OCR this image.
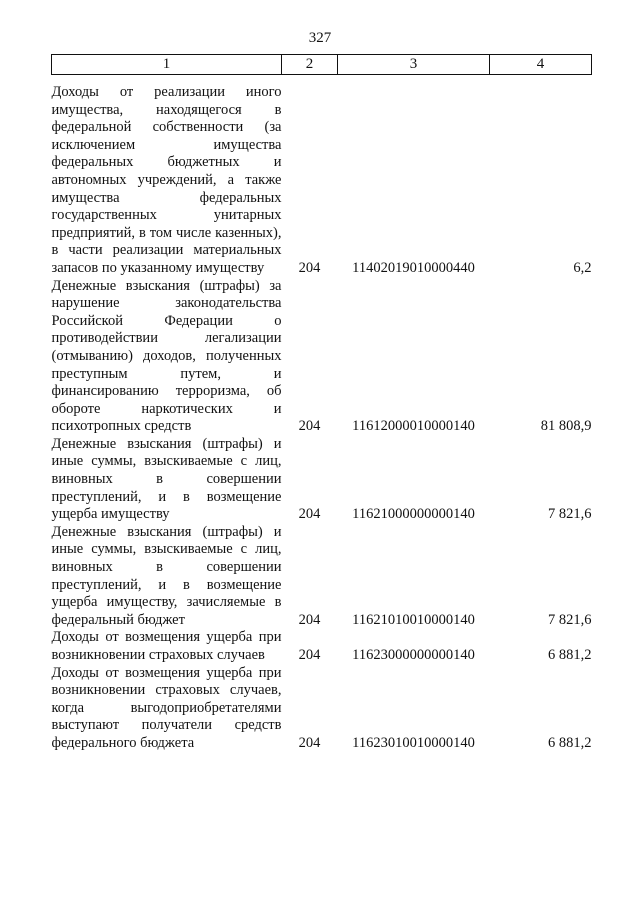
327
1	2	3	4
Доходы от реализации иного имущества, находящегося в федеральной собственности (за исключением имущества федеральных бюджетных и автономных учреждений, а также имущества федеральных государственных унитарных предприятий, в том числе казенных), в части реализации материальных запасов по указанному имуществу	204	11402019010000440	6,2
Денежные взыскания (штрафы) за нарушение законодательства Российской Федерации о противодействии легализации (отмыванию) доходов, полученных преступным путем, и финансированию терроризма, об обороте наркотических и психотропных средств	204	11612000010000140	81 808,9
Денежные взыскания (штрафы) и иные суммы, взыскиваемые с лиц, виновных в совершении преступлений, и в возмещение ущерба имуществу	204	11621000000000140	7 821,6
Денежные взыскания (штрафы) и иные суммы, взыскиваемые с лиц, виновных в совершении преступлений, и в возмещение ущерба имуществу, зачисляемые в федеральный бюджет	204	11621010010000140	7 821,6
Доходы от возмещения ущерба при возникновении страховых случаев	204	11623000000000140	6 881,2
Доходы от возмещения ущерба при возникновении страховых случаев, когда выгодоприобретателями выступают получатели средств федерального бюджета	204	11623010010000140	6 881,2
